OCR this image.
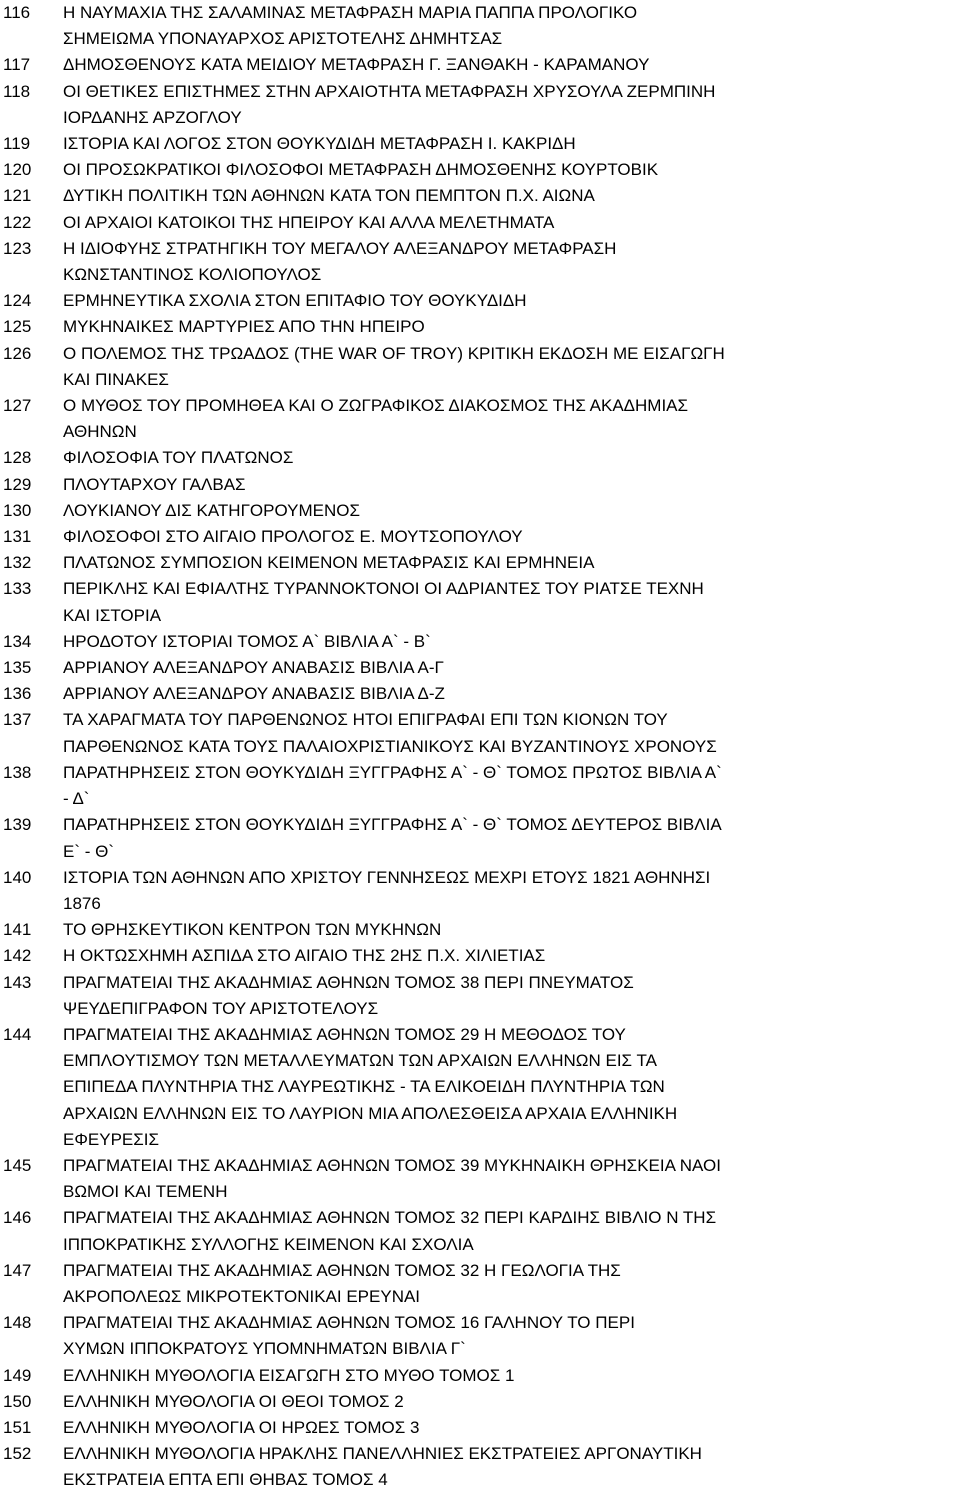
116	Η ΝΑΥΜΑΧΙΑ ΤΗΣ ΣΑΛΑΜΙΝΑΣ ΜΕΤΑΦΡΑΣΗ ΜΑΡΙΑ ΠΑΠΠΑ ΠΡΟΛΟΓΙΚΟ
ΣΗΜΕΙΩΜΑ ΥΠΟΝΑΥΑΡΧΟΣ ΑΡΙΣΤΟΤΕΛΗΣ ΔΗΜΗΤΣΑΣ
117	ΔΗΜΟΣΘΕΝΟΥΣ ΚΑΤΑ ΜΕΙΔΙΟΥ ΜΕΤΑΦΡΑΣΗ Γ. ΞΑΝΘΑΚΗ - ΚΑΡΑΜΑΝΟΥ
118	ΟΙ ΘΕΤΙΚΕΣ ΕΠΙΣΤΗΜΕΣ ΣΤΗΝ ΑΡΧΑΙΟΤΗΤΑ ΜΕΤΑΦΡΑΣΗ ΧΡΥΣΟΥΛΑ ΖΕΡΜΠΙΝΗ
ΙΟΡΔΑΝΗΣ ΑΡΖΟΓΛΟΥ
119	ΙΣΤΟΡΙΑ ΚΑΙ ΛΟΓΟΣ ΣΤΟΝ ΘΟΥΚΥΔΙΔΗ ΜΕΤΑΦΡΑΣΗ Ι. ΚΑΚΡΙΔΗ
120	ΟΙ ΠΡΟΣΩΚΡΑΤΙΚΟΙ ΦΙΛΟΣΟΦΟΙ ΜΕΤΑΦΡΑΣΗ ΔΗΜΟΣΘΕΝΗΣ ΚΟΥΡΤΟΒΙΚ
121	ΔΥΤΙΚΗ ΠΟΛΙΤΙΚΗ ΤΩΝ ΑΘΗΝΩΝ ΚΑΤΑ ΤΟΝ ΠΕΜΠΤΟΝ Π.Χ. ΑΙΩΝΑ
122	ΟΙ ΑΡΧΑΙΟΙ ΚΑΤΟΙΚΟΙ ΤΗΣ ΗΠΕΙΡΟΥ ΚΑΙ ΑΛΛΑ ΜΕΛΕΤΗΜΑΤΑ
123	Η ΙΔΙΟΦΥΗΣ ΣΤΡΑΤΗΓΙΚΗ ΤΟΥ ΜΕΓΑΛΟΥ ΑΛΕΞΑΝΔΡΟΥ ΜΕΤΑΦΡΑΣΗ
ΚΩΝΣΤΑΝΤΙΝΟΣ ΚΟΛΙΟΠΟΥΛΟΣ
124	ΕΡΜΗΝΕΥΤΙΚΑ ΣΧΟΛΙΑ ΣΤΟΝ ΕΠΙΤΑΦΙΟ ΤΟΥ ΘΟΥΚΥΔΙΔΗ
125	ΜΥΚΗΝΑΙΚΕΣ ΜΑΡΤΥΡΙΕΣ ΑΠΟ ΤΗΝ ΗΠΕΙΡΟ
126	Ο ΠΟΛΕΜΟΣ ΤΗΣ ΤΡΩΑΔΟΣ (THE WAR OF TROY) ΚΡΙΤΙΚΗ ΕΚΔΟΣΗ ΜΕ ΕΙΣΑΓΩΓΗ
ΚΑΙ ΠΙΝΑΚΕΣ
127	Ο ΜΥΘΟΣ ΤΟΥ ΠΡΟΜΗΘΕΑ ΚΑΙ Ο ΖΩΓΡΑΦΙΚΟΣ ΔΙΑΚΟΣΜΟΣ ΤΗΣ ΑΚΑΔΗΜΙΑΣ
ΑΘΗΝΩΝ
128	ΦΙΛΟΣΟΦΙΑ ΤΟΥ ΠΛΑΤΩΝΟΣ
129	ΠΛΟΥΤΑΡΧΟΥ ΓΑΛΒΑΣ
130	ΛΟΥΚΙΑΝΟΥ ΔΙΣ ΚΑΤΗΓΟΡΟΥΜΕΝΟΣ
131	ΦΙΛΟΣΟΦΟΙ ΣΤΟ ΑΙΓΑΙΟ ΠΡΟΛΟΓΟΣ Ε. ΜΟΥΤΣΟΠΟΥΛΟΥ
132	ΠΛΑΤΩΝΟΣ ΣΥΜΠΟΣΙΟΝ ΚΕΙΜΕΝΟΝ ΜΕΤΑΦΡΑΣΙΣ ΚΑΙ ΕΡΜΗΝΕΙΑ
133	ΠΕΡΙΚΛΗΣ ΚΑΙ ΕΦΙΑΛΤΗΣ ΤΥΡΑΝΝΟΚΤΟΝΟΙ ΟΙ ΑΔΡΙΑΝΤΕΣ ΤΟΥ ΡΙΑΤΣΕ ΤΕΧΝΗ
ΚΑΙ ΙΣΤΟΡΙΑ
134	ΗΡΟΔΟΤΟΥ ΙΣΤΟΡΙΑΙ ΤΟΜΟΣ Α` ΒΙΒΛΙΑ Α` - Β`
135	ΑΡΡΙΑΝΟΥ ΑΛΕΞΑΝΔΡΟΥ ΑΝΑΒΑΣΙΣ ΒΙΒΛΙΑ Α-Γ
136	ΑΡΡΙΑΝΟΥ ΑΛΕΞΑΝΔΡΟΥ ΑΝΑΒΑΣΙΣ ΒΙΒΛΙΑ Δ-Ζ
137	ΤΑ ΧΑΡΑΓΜΑΤΑ ΤΟΥ ΠΑΡΘΕΝΩΝΟΣ ΗΤΟΙ ΕΠΙΓΡΑΦΑΙ ΕΠΙ ΤΩΝ ΚΙΟΝΩΝ ΤΟΥ
ΠΑΡΘΕΝΩΝΟΣ ΚΑΤΑ ΤΟΥΣ ΠΑΛΑΙΟΧΡΙΣΤΙΑΝΙΚΟΥΣ ΚΑΙ ΒΥΖΑΝΤΙΝΟΥΣ ΧΡΟΝΟΥΣ
138	ΠΑΡΑΤΗΡΗΣΕΙΣ ΣΤΟΝ ΘΟΥΚΥΔΙΔΗ ΞΥΓΓΡΑΦΗΣ Α` - Θ` ΤΟΜΟΣ ΠΡΩΤΟΣ ΒΙΒΛΙΑ Α`
- Δ`
139	ΠΑΡΑΤΗΡΗΣΕΙΣ ΣΤΟΝ ΘΟΥΚΥΔΙΔΗ ΞΥΓΓΡΑΦΗΣ Α` - Θ` ΤΟΜΟΣ ΔΕΥΤΕΡΟΣ ΒΙΒΛΙΑ
Ε` - Θ`
140	ΙΣΤΟΡΙΑ ΤΩΝ ΑΘΗΝΩΝ ΑΠΟ ΧΡΙΣΤΟΥ ΓΕΝΝΗΣΕΩΣ ΜΕΧΡΙ ΕΤΟΥΣ 1821 ΑΘΗΝΗΣΙ
1876
141	ΤΟ ΘΡΗΣΚΕΥΤΙΚΟΝ ΚΕΝΤΡΟΝ ΤΩΝ ΜΥΚΗΝΩΝ
142	Η ΟΚΤΩΣΧΗΜΗ ΑΣΠΙΔΑ ΣΤΟ ΑΙΓΑΙΟ ΤΗΣ 2ΗΣ Π.Χ. ΧΙΛΙΕΤΙΑΣ
143	ΠΡΑΓΜΑΤΕΙΑΙ ΤΗΣ ΑΚΑΔΗΜΙΑΣ ΑΘΗΝΩΝ ΤΟΜΟΣ 38 ΠΕΡΙ ΠΝΕΥΜΑΤΟΣ
ΨΕΥΔΕΠΙΓΡΑΦΟΝ ΤΟΥ ΑΡΙΣΤΟΤΕΛΟΥΣ
144	ΠΡΑΓΜΑΤΕΙΑΙ ΤΗΣ ΑΚΑΔΗΜΙΑΣ ΑΘΗΝΩΝ ΤΟΜΟΣ 29 Η ΜΕΘΟΔΟΣ ΤΟΥ
ΕΜΠΛΟΥΤΙΣΜΟΥ ΤΩΝ ΜΕΤΑΛΛΕΥΜΑΤΩΝ ΤΩΝ ΑΡΧΑΙΩΝ ΕΛΛΗΝΩΝ ΕΙΣ ΤΑ
ΕΠΙΠΕΔΑ ΠΛΥΝΤΗΡΙΑ ΤΗΣ ΛΑΥΡΕΩΤΙΚΗΣ - ΤΑ ΕΛΙΚΟΕΙΔΗ ΠΛΥΝΤΗΡΙΑ ΤΩΝ
ΑΡΧΑΙΩΝ ΕΛΛΗΝΩΝ ΕΙΣ ΤΟ ΛΑΥΡΙΟΝ ΜΙΑ ΑΠΟΛΕΣΘΕΙΣΑ ΑΡΧΑΙΑ ΕΛΛΗΝΙΚΗ
ΕΦΕΥΡΕΣΙΣ
145	ΠΡΑΓΜΑΤΕΙΑΙ ΤΗΣ ΑΚΑΔΗΜΙΑΣ ΑΘΗΝΩΝ ΤΟΜΟΣ 39 ΜΥΚΗΝΑΙΚΗ ΘΡΗΣΚΕΙΑ ΝΑΟΙ
ΒΩΜΟΙ ΚΑΙ ΤΕΜΕΝΗ
146	ΠΡΑΓΜΑΤΕΙΑΙ ΤΗΣ ΑΚΑΔΗΜΙΑΣ ΑΘΗΝΩΝ ΤΟΜΟΣ 32 ΠΕΡΙ ΚΑΡΔΙΗΣ ΒΙΒΛΙΟ Ν ΤΗΣ
ΙΠΠΟΚΡΑΤΙΚΗΣ ΣΥΛΛΟΓΗΣ ΚΕΙΜΕΝΟΝ ΚΑΙ ΣΧΟΛΙΑ
147	ΠΡΑΓΜΑΤΕΙΑΙ ΤΗΣ ΑΚΑΔΗΜΙΑΣ ΑΘΗΝΩΝ ΤΟΜΟΣ 32 Η ΓΕΩΛΟΓΙΑ ΤΗΣ
ΑΚΡΟΠΟΛΕΩΣ ΜΙΚΡΟΤΕΚΤΟΝΙΚΑΙ ΕΡΕΥΝΑΙ
148	ΠΡΑΓΜΑΤΕΙΑΙ ΤΗΣ ΑΚΑΔΗΜΙΑΣ ΑΘΗΝΩΝ ΤΟΜΟΣ 16 ΓΑΛΗΝΟΥ ΤΟ ΠΕΡΙ
ΧΥΜΩΝ ΙΠΠΟΚΡΑΤΟΥΣ ΥΠΟΜΝΗΜΑΤΩΝ ΒΙΒΛΙΑ Γ`
149	ΕΛΛΗΝΙΚΗ ΜΥΘΟΛΟΓΙΑ ΕΙΣΑΓΩΓΗ ΣΤΟ ΜΥΘΟ ΤΟΜΟΣ 1
150	ΕΛΛΗΝΙΚΗ ΜΥΘΟΛΟΓΙΑ ΟΙ ΘΕΟΙ ΤΟΜΟΣ 2
151	ΕΛΛΗΝΙΚΗ ΜΥΘΟΛΟΓΙΑ ΟΙ ΗΡΩΕΣ ΤΟΜΟΣ 3
152	ΕΛΛΗΝΙΚΗ ΜΥΘΟΛΟΓΙΑ ΗΡΑΚΛΗΣ ΠΑΝΕΛΛΗΝΙΕΣ ΕΚΣΤΡΑΤΕΙΕΣ ΑΡΓΟΝΑΥΤΙΚΗ
ΕΚΣΤΡΑΤΕΙΑ ΕΠΤΑ ΕΠΙ ΘΗΒΑΣ ΤΟΜΟΣ 4
